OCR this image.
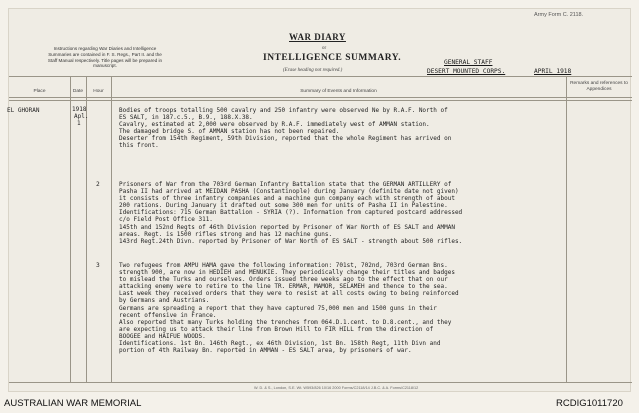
Army Form C. 2118.
Instructions regarding War Diaries and Intelligence Summaries are contained in F. S. Regs., Part II. and the Staff Manual respectively. Title pages will be prepared in manuscript.
WAR DIARY
or
INTELLIGENCE SUMMARY.
(Erase heading not required.)
GENERAL STAFF
DESERT MOUNTED CORPS.	APRIL 1918
Place	Date	Hour	Summary of Events and Information
Remarks and references to Appendices
EL GHORAN	1918
Apl.
1
Bodies of troops totalling 500 cavalry and 250 infantry were observed Ne by R.A.F. North of
ES SALT, in 187.c.5., B.9., 188.X.38.
Cavalry, estimated at 2,000 were observed by R.A.F. immediately west of AMMAN station.
The damaged bridge S. of AMMAN station has not been repaired.
Deserter from 154th Regiment, 59th Division, reported that the whole Regiment has arrived on
this front.
2	Prisoners of War from the 703rd German Infantry Battalion state that the GERMAN ARTILLERY of
Pasha II had arrived at MEIDAN PASHA (Constantinople) during January (definite date not given)
it consists of three infantry companies and a machine gun company each with strength of about
200 rations. During January it drafted out some 300 men for units of Pasha II in Palestine.
Identifications: 715 German Battalion - SYRIA (?). Information from captured postcard addressed
c/o Field Post Office 311.
145th and 152nd Regts of 46th Division reported by Prisoner of War North of ES SALT and AMMAN
areas. Regt. is 1500 rifles strong and has 12 machine guns.
143rd Regt.24th Divn. reported by Prisoner of War North of ES SALT - strength about 500 rifles.
3	Two refugees from AMPU HAMA gave the following information: 701st, 702nd, 703rd German Bns.
strength 900, are now in HEDIEH and MENUKIE. They periodically change their titles and badges
to mislead the Turks and ourselves. Orders issued three weeks ago to the effect that on our
attacking enemy were to retire to the line TR. ERMAR, MAMOR, SELAMEH and thence to the sea.
Last week they received orders that they were to resist at all costs owing to being reinforced
by Germans and Austrians.
Germans are spreading a report that they have captured 75,000 men and 1500 guns in their
recent offensive in France.
Also reported that many Turks holding the trenches from 064.D.1.cent. to D.8.cent., and they
are expecting us to attack their line from Brown Hill to FIR HILL from the direction of
BOOGEE and HAIFUE WOODS.
Identifications. 1st Bn. 146th Regt., ex 46th Division, 1st Bn. 158th Regt, 11th Divn and
portion of 4th Railway Bn. reported in AMMAN - ES SALT area, by prisoners of war.
W. D. & S., London, S.E. Wt. W593/826 10/16 2000 Forms/C2118/14 J.B.C. & A. Forms/C2118/12
AUSTRALIAN WAR MEMORIAL	RCDIG1011720
